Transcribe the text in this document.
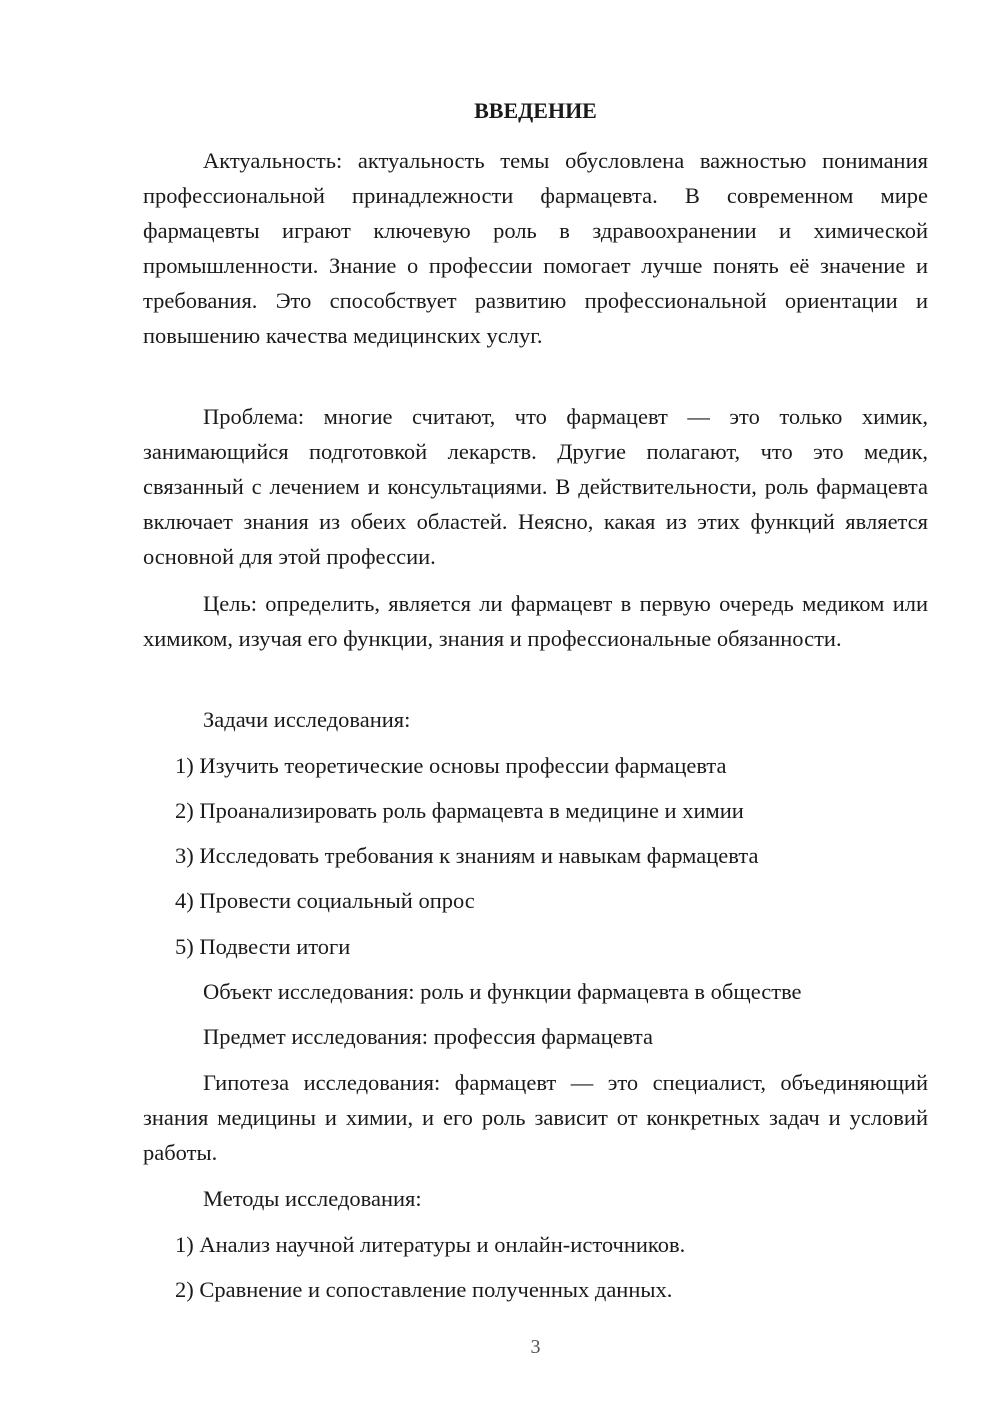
ВВЕДЕНИЕ

Актуальность: актуальность темы обусловлена важностью понимания профессиональной принадлежности фармацевта. В современном мире фармацевты играют ключевую роль в здравоохранении и химической промышленности. Знание о профессии помогает лучше понять её значение и требования. Это способствует развитию профессиональной ориентации и повышению качества медицинских услуг.

Проблема: многие считают, что фармацевт — это только химик, занимающийся подготовкой лекарств. Другие полагают, что это медик, связанный с лечением и консультациями. В действительности, роль фармацевта включает знания из обеих областей. Неясно, какая из этих функций является основной для этой профессии.

Цель: определить, является ли фармацевт в первую очередь медиком или химиком, изучая его функции, знания и профессиональные обязанности.

Задачи исследования:

1) Изучить теоретические основы профессии фармацевта

2) Проанализировать роль фармацевта в медицине и химии

3) Исследовать требования к знаниям и навыкам фармацевта

4) Провести социальный опрос

5) Подвести итоги

Объект исследования: роль и функции фармацевта в обществе

Предмет исследования: профессия фармацевта

Гипотеза исследования: фармацевт — это специалист, объединяющий знания медицины и химии, и его роль зависит от конкретных задач и условий работы.

Методы исследования:

1) Анализ научной литературы и онлайн-источников.

2) Сравнение и сопоставление полученных данных.

3
